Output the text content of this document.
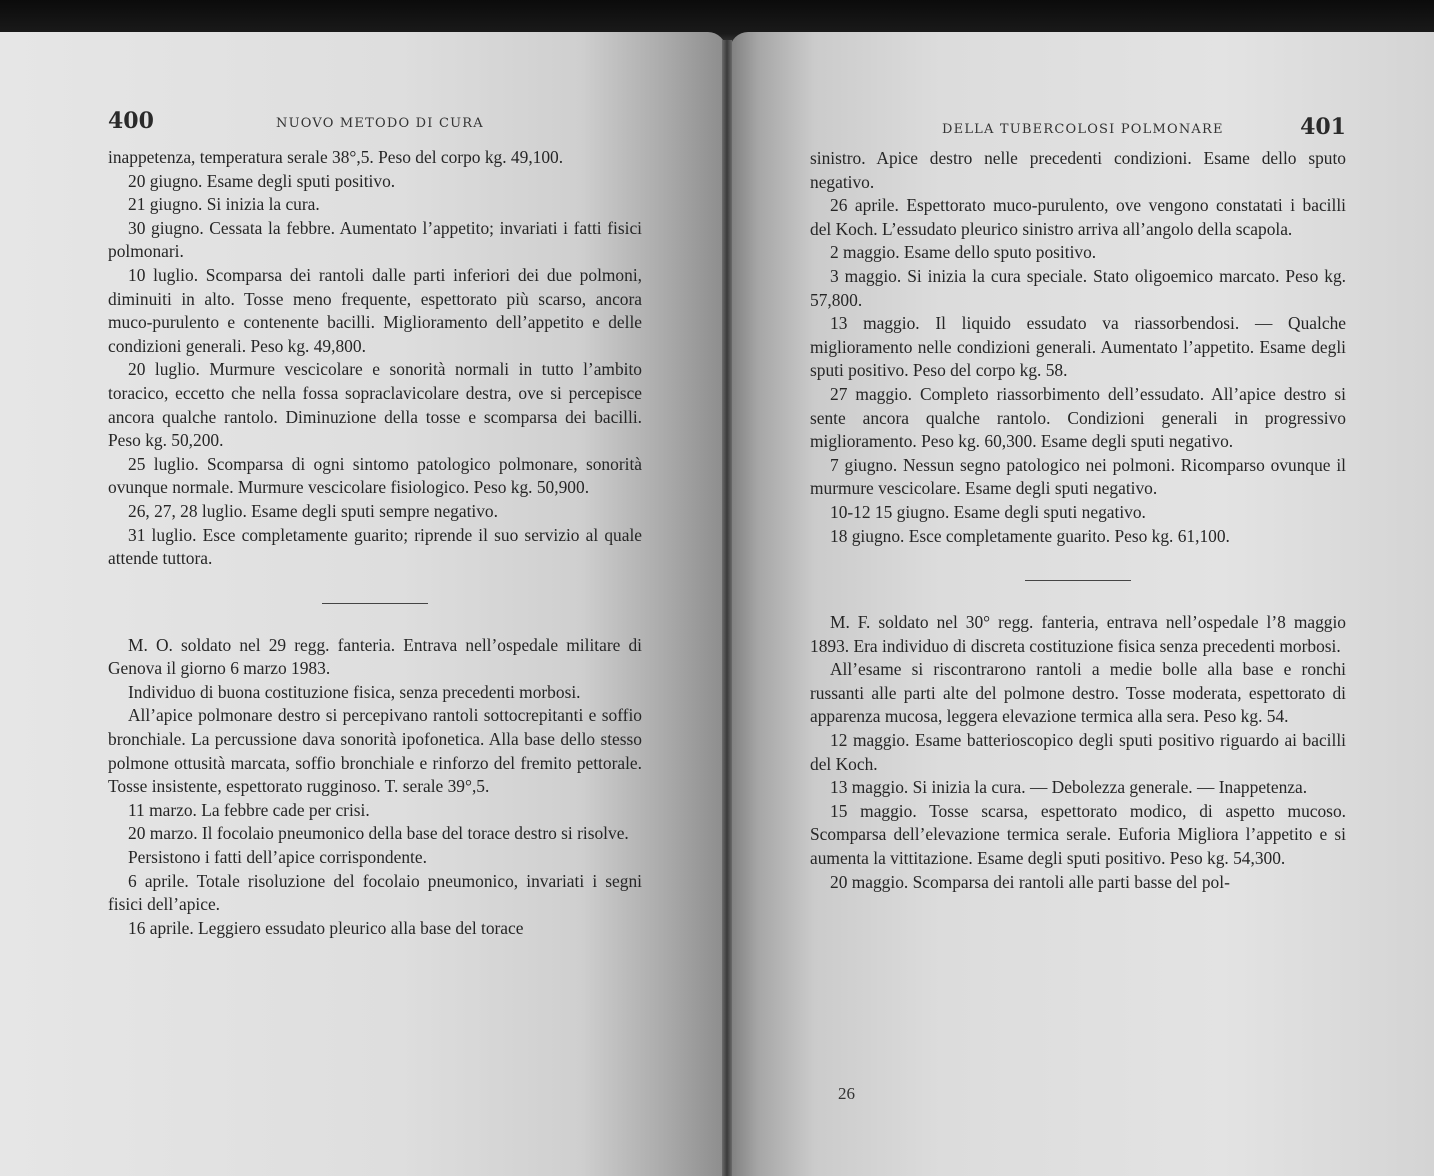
400	NUOVO METODO DI CURA

inappetenza, temperatura serale 38°,5. Peso del corpo kg. 49,100.

20 giugno. Esame degli sputi positivo.

21 giugno. Si inizia la cura.

30 giugno. Cessata la febbre. Aumentato l’appetito; invariati i fatti fisici polmonari.

10 luglio. Scomparsa dei rantoli dalle parti inferiori dei due polmoni, diminuiti in alto. Tosse meno frequente, espettorato più scarso, ancora muco-purulento e contenente bacilli. Miglioramento dell’appetito e delle condizioni generali. Peso kg. 49,800.

20 luglio. Murmure vescicolare e sonorità normali in tutto l’ambito toracico, eccetto che nella fossa sopraclavicolare destra, ove si percepisce ancora qualche rantolo. Diminuzione della tosse e scomparsa dei bacilli. Peso kg. 50,200.

25 luglio. Scomparsa di ogni sintomo patologico polmonare, sonorità ovunque normale. Murmure vescicolare fisiologico. Peso kg. 50,900.

26, 27, 28 luglio. Esame degli sputi sempre negativo.

31 luglio. Esce completamente guarito; riprende il suo servizio al quale attende tuttora.

M. O. soldato nel 29 regg. fanteria. Entrava nell’ospedale militare di Genova il giorno 6 marzo 1983.

Individuo di buona costituzione fisica, senza precedenti morbosi.

All’apice polmonare destro si percepivano rantoli sottocrepitanti e soffio bronchiale. La percussione dava sonorità ipofonetica. Alla base dello stesso polmone ottusità marcata, soffio bronchiale e rinforzo del fremito pettorale. Tosse insistente, espettorato rugginoso. T. serale 39°,5.

11 marzo. La febbre cade per crisi.

20 marzo. Il focolaio pneumonico della base del torace destro si risolve.

Persistono i fatti dell’apice corrispondente.

6 aprile. Totale risoluzione del focolaio pneumonico, invariati i segni fisici dell’apice.

16 aprile. Leggiero essudato pleurico alla base del torace

DELLA TUBERCOLOSI POLMONARE	401

sinistro. Apice destro nelle precedenti condizioni. Esame dello sputo negativo.

26 aprile. Espettorato muco-purulento, ove vengono constatati i bacilli del Koch. L’essudato pleurico sinistro arriva all’angolo della scapola.

2 maggio. Esame dello sputo positivo.

3 maggio. Si inizia la cura speciale. Stato oligoemico marcato. Peso kg. 57,800.

13 maggio. Il liquido essudato va riassorbendosi. — Qualche miglioramento nelle condizioni generali. Aumentato l’appetito. Esame degli sputi positivo. Peso del corpo kg. 58.

27 maggio. Completo riassorbimento dell’essudato. All’apice destro si sente ancora qualche rantolo. Condizioni generali in progressivo miglioramento. Peso kg. 60,300. Esame degli sputi negativo.

7 giugno. Nessun segno patologico nei polmoni. Ricomparso ovunque il murmure vescicolare. Esame degli sputi negativo.

10-12 15 giugno. Esame degli sputi negativo.

18 giugno. Esce completamente guarito. Peso kg. 61,100.

M. F. soldato nel 30° regg. fanteria, entrava nell’ospedale l’8 maggio 1893. Era individuo di discreta costituzione fisica senza precedenti morbosi.

All’esame si riscontrarono rantoli a medie bolle alla base e ronchi russanti alle parti alte del polmone destro. Tosse moderata, espettorato di apparenza mucosa, leggera elevazione termica alla sera. Peso kg. 54.

12 maggio. Esame batterioscopico degli sputi positivo riguardo ai bacilli del Koch.

13 maggio. Si inizia la cura. — Debolezza generale. — Inappetenza.

15 maggio. Tosse scarsa, espettorato modico, di aspetto mucoso. Scomparsa dell’elevazione termica serale. Euforia Migliora l’appetito e si aumenta la vittitazione. Esame degli sputi positivo. Peso kg. 54,300.

20 maggio. Scomparsa dei rantoli alle parti basse del pol-

26
